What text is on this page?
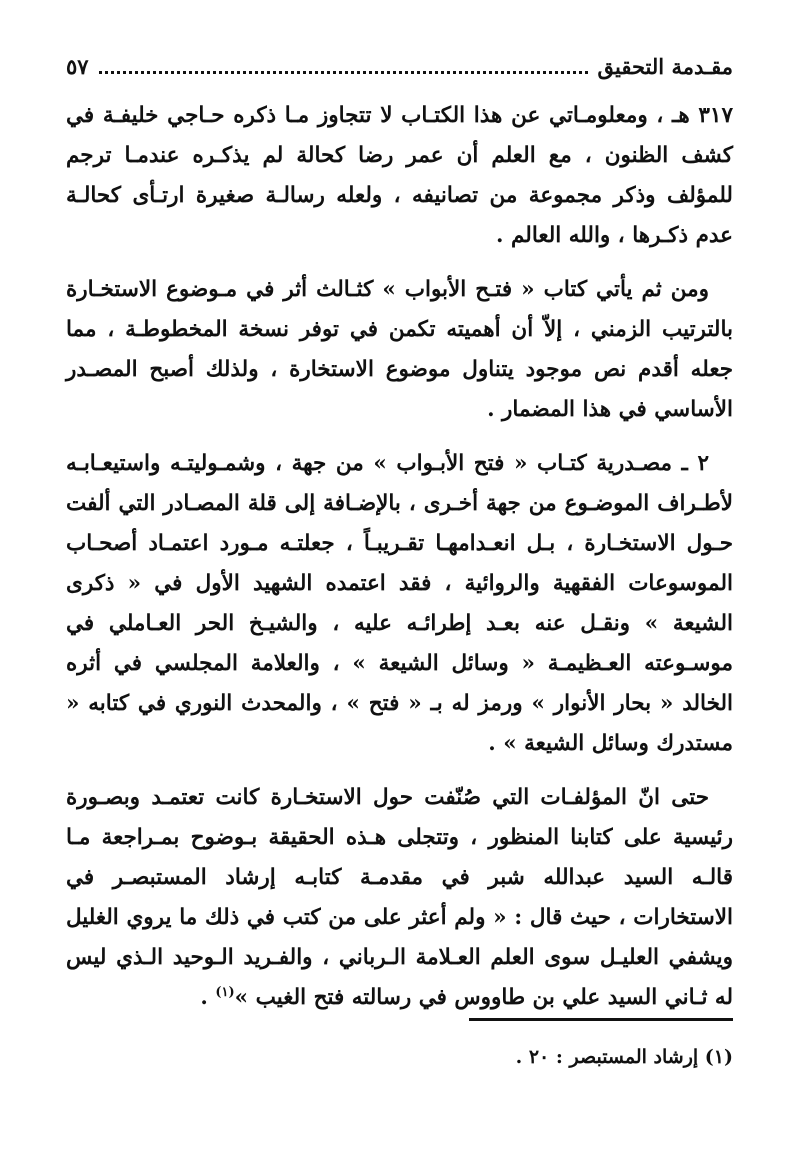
مقـدمة التحقيق
٥٧

٣١٧ هـ ، ومعلومـاتي عن هذا الكتـاب لا تتجاوز مـا ذكره حـاجي خليفـة في كشف الظنون ، مع العلم أن عمر رضا كحالة لم يذكـره عندمـا ترجم للمؤلف وذكر مجموعة من تصانيفه ، ولعله رسالـة صغيرة ارتـأى كحالـة عدم ذكـرها ، والله العالم .

ومن ثم يأتي كتاب « فتـح الأبواب » كثـالث أثر في مـوضوع الاستخـارة بالترتيب الزمني ، إلاّ أن أهميته تكمن في توفر نسخة المخطوطـة ، مما جعله أقدم نص موجود يتناول موضوع الاستخارة ، ولذلك أصبح المصـدر الأساسي في هذا المضمار .

٢ ـ مصـدرية كتـاب « فتح الأبـواب » من جهة ، وشمـوليتـه واستيعـابـه لأطـراف الموضـوع من جهة أخـرى ، بالإضـافة إلى قلة المصـادر التي ألفت حـول الاستخـارة ، بـل انعـدامهـا تقـريبـاً ، جعلتـه مـورد اعتمـاد أصحـاب الموسوعات الفقهية والروائية ، فقد اعتمده الشهيد الأول في « ذكرى الشيعة » ونقـل عنه بعـد إطرائـه عليه ، والشيـخ الحر العـاملي في موسـوعته العـظيمـة « وسائل الشيعة » ، والعلامة المجلسي في أثره الخالد « بحار الأنوار » ورمز له بـ « فتح » ، والمحدث النوري في كتابه « مستدرك وسائل الشيعة » .

حتى انّ المؤلفـات التي صُنّفت حول الاستخـارة كانت تعتمـد وبصـورة رئيسية على كتابنا المنظور ، وتتجلى هـذه الحقيقة بـوضوح بمـراجعة مـا قالـه السيد عبدالله شبر في مقدمـة كتابـه إرشاد المستبصـر في الاستخارات ، حيث قال : « ولم أعثر على من كتب في ذلك ما يروي الغليل ويشفي العليـل سوى العلم العـلامة الـرباني ، والفـريد الـوحيد الـذي ليس له ثـاني السيد علي بن طاووس في رسالته فتح الغيب »$^{(١)}$ .

(١) إرشاد المستبصر : ٢٠ .
